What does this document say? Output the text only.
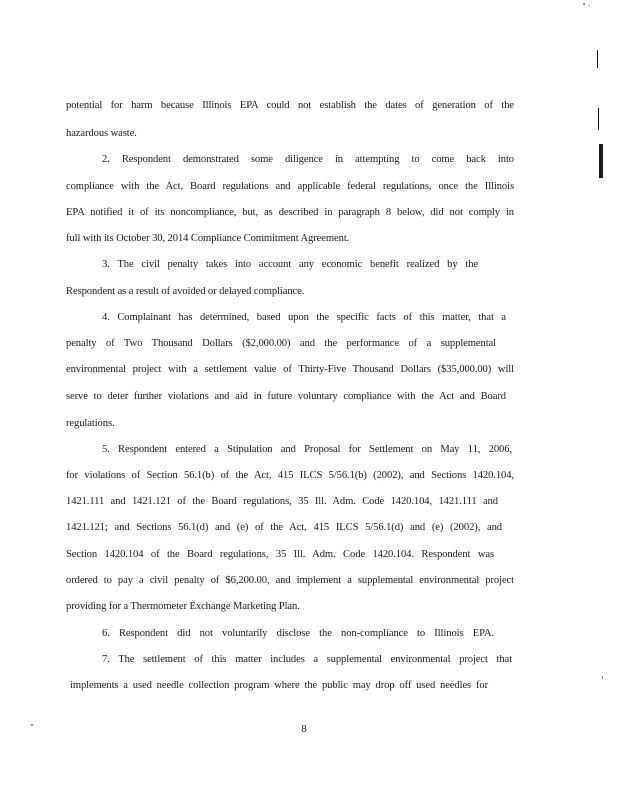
potential for harm because Illinois EPA could not establish the dates of generation of the
hazardous waste.
2. Respondent demonstrated some diligence in attempting to come back into
compliance with the Act, Board regulations and applicable federal regulations, once the Illinois
EPA notified it of its noncompliance, but, as described in paragraph 8 below, did not comply in
full with its October 30, 2014 Compliance Commitment Agreement.
3. The civil penalty takes into account any economic benefit realized by the
Respondent as a result of avoided or delayed compliance.
4. Complainant has determined, based upon the specific facts of this matter, that a
penalty of Two Thousand Dollars ($2,000.00) and the performance of a supplemental
environmental project with a settlement value of Thirty-Five Thousand Dollars ($35,000.00) will
serve to deter further violations and aid in future voluntary compliance with the Act and Board
regulations.
5. Respondent entered a Stipulation and Proposal for Settlement on May 11, 2006,
for violations of Section 56.1(b) of the Act, 415 ILCS 5/56.1(b) (2002), and Sections 1420.104,
1421.111 and 1421.121 of the Board regulations, 35 Ill. Adm. Code 1420.104, 1421.111 and
1421.121; and Sections 56.1(d) and (e) of the Act, 415 ILCS 5/56.1(d) and (e) (2002), and
Section 1420.104 of the Board regulations, 35 Ill. Adm. Code 1420.104. Respondent was
ordered to pay a civil penalty of $6,200.00, and implement a supplemental environmental project
providing for a Thermometer Exchange Marketing Plan.
6. Respondent did not voluntarily disclose the non-compliance to Illinois EPA.
7. The settlement of this matter includes a supplemental environmental project that
implements a used needle collection program where the public may drop off used needles for
8
